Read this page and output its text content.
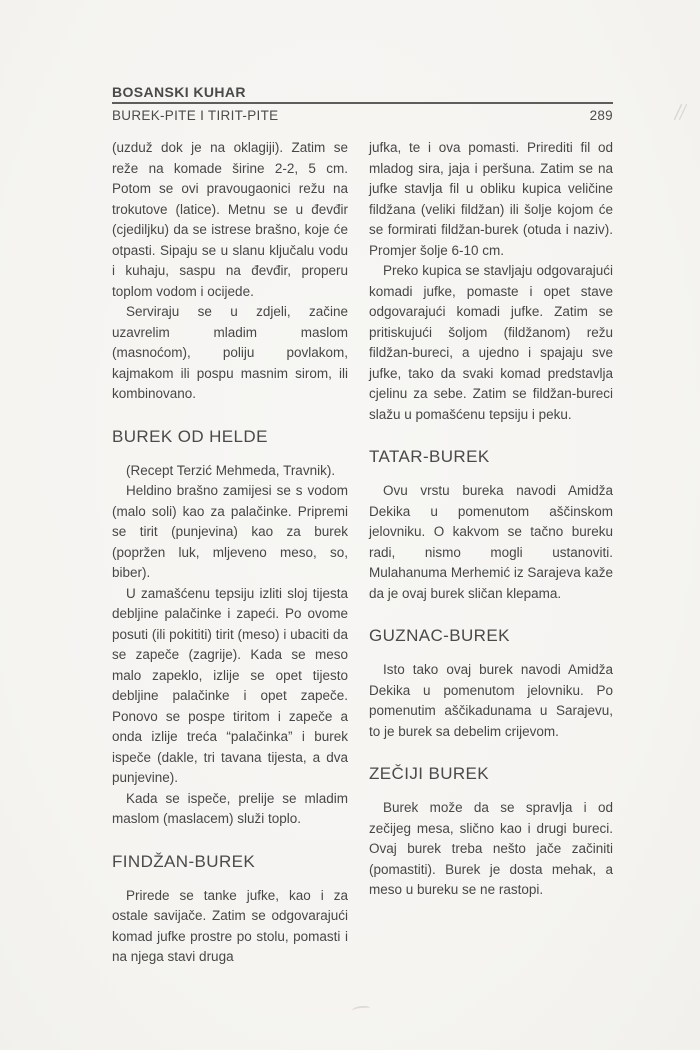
BOSANSKI KUHAR
BUREK-PITE I TIRIT-PITE	289

(uzduž dok je na oklagiji). Zatim se reže na komade širine 2-2, 5 cm. Potom se ovi pravougaonici režu na trokutove (latice). Metnu se u đevđir (cjediljku) da se istrese brašno, koje će otpasti. Sipaju se u slanu ključalu vodu i kuhaju, saspu na đevđir, properu toplom vodom i ocijede.

Serviraju se u zdjeli, začine uzavrelim mladim maslom (masnoćom), poliju povlakom, kajmakom ili pospu masnim sirom, ili kombinovano.

BUREK OD HELDE

(Recept Terzić Mehmeda, Travnik).

Heldino brašno zamijesi se s vodom (malo soli) kao za palačinke. Pripremi se tirit (punjevina) kao za burek (popržen luk, mljeveno meso, so, biber).

U zamašćenu tepsiju izliti sloj tijesta debljine palačinke i zapeći. Po ovome posuti (ili pokititi) tirit (meso) i ubaciti da se zapeče (zagrije). Kada se meso malo zapeklo, izlije se opet tijesto debljine palačinke i opet zapeče. Ponovo se pospe tiritom i zapeče a onda izlije treća “palačinka” i burek ispeče (dakle, tri tavana tijesta, a dva punjevine).

Kada se ispeče, prelije se mladim maslom (maslacem) služi toplo.

FINDŽAN-BUREK

Prirede se tanke jufke, kao i za ostale savijače. Zatim se odgovarajući komad jufke prostre po stolu, pomasti i na njega stavi druga

jufka, te i ova pomasti. Prirediti fil od mladog sira, jaja i peršuna. Zatim se na jufke stavlja fil u obliku kupica veličine fildžana (veliki fildžan) ili šolje kojom će se formirati fildžan-burek (otuda i naziv). Promjer šolje 6-10 cm.

Preko kupica se stavljaju odgovarajući komadi jufke, pomaste i opet stave odgovarajući komadi jufke. Zatim se pritiskujući šoljom (fildžanom) režu fildžan-bureci, a ujedno i spajaju sve jufke, tako da svaki komad predstavlja cjelinu za sebe. Zatim se fildžan-bureci slažu u pomašćenu tepsiju i peku.

TATAR-BUREK

Ovu vrstu bureka navodi Amidža Dekika u pomenutom aščinskom jelovniku. O kakvom se tačno bureku radi, nismo mogli ustanoviti. Mulahanuma Merhemić iz Sarajeva kaže da je ovaj burek sličan klepama.

GUZNAC-BUREK

Isto tako ovaj burek navodi Amidža Dekika u pomenutom jelovniku. Po pomenutim aščikadunama u Sarajevu, to je burek sa debelim crijevom.

ZEČIJI BUREK

Burek može da se spravlja i od zečijeg mesa, slično kao i drugi bureci. Ovaj burek treba nešto jače začiniti (pomastiti). Burek je dosta mehak, a meso u bureku se ne rastopi.
